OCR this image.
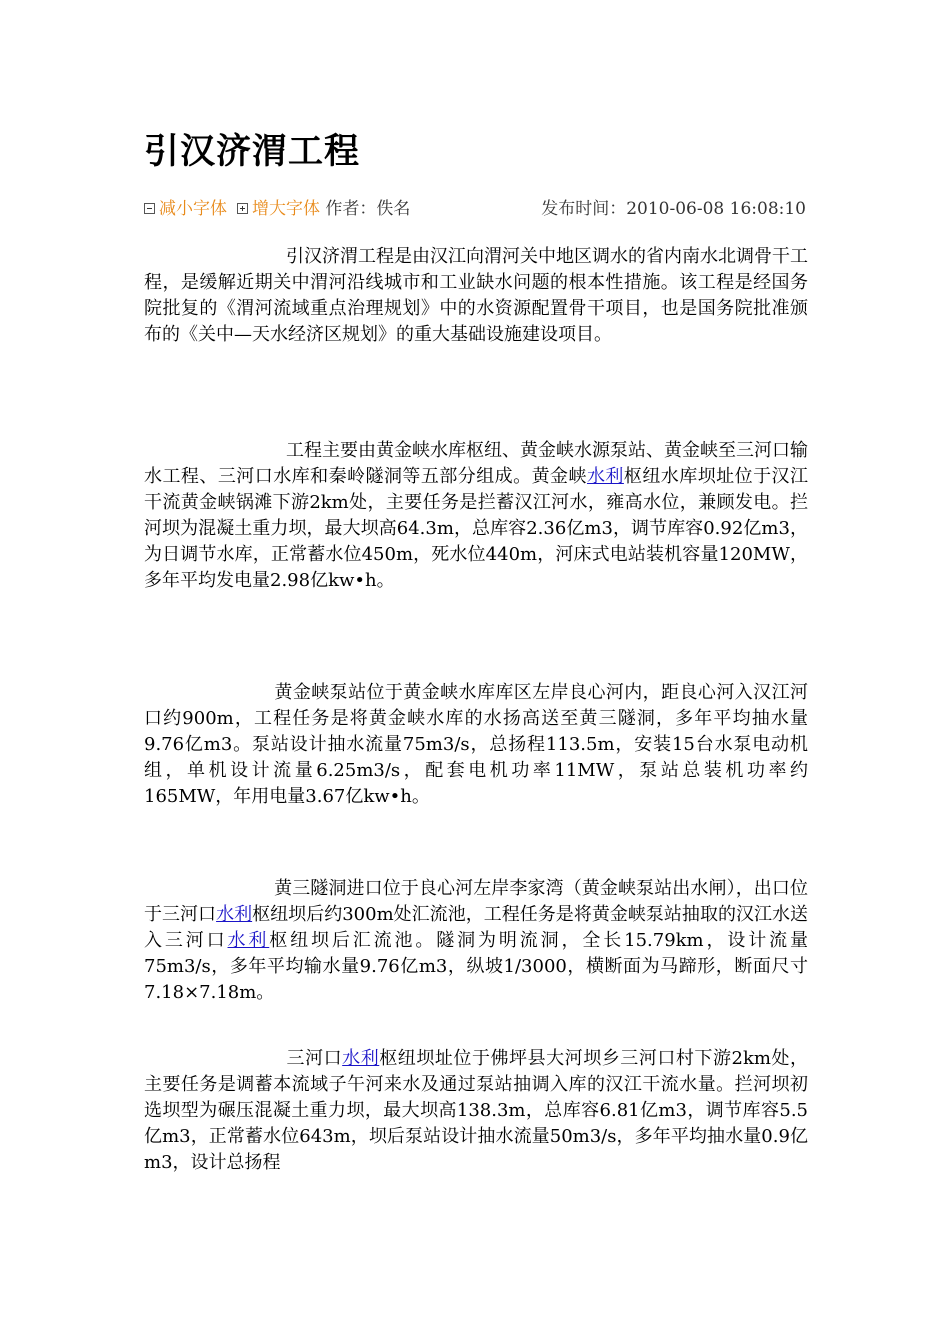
引汉济渭工程
减小字体 增大字体 作者：佚名	发布时间：2010-06-08 16:08:10

引汉济渭工程是由汉江向渭河关中地区调水的省内南水北调骨干工程，是缓解近期关中渭河沿线城市和工业缺水问题的根本性措施。该工程是经国务院批复的《渭河流域重点治理规划》中的水资源配置骨干项目，也是国务院批准颁布的《关中—天水经济区规划》的重大基础设施建设项目。

工程主要由黄金峡水库枢纽、黄金峡水源泵站、黄金峡至三河口输水工程、三河口水库和秦岭隧洞等五部分组成。黄金峡水利枢纽水库坝址位于汉江干流黄金峡锅滩下游2km处，主要任务是拦蓄汉江河水，雍高水位，兼顾发电。拦河坝为混凝土重力坝，最大坝高64.3m，总库容2.36亿m3，调节库容0.92亿m3，为日调节水库，正常蓄水位450m，死水位440m，河床式电站装机容量120MW，多年平均发电量2.98亿kw•h。

黄金峡泵站位于黄金峡水库库区左岸良心河内，距良心河入汉江河口约900m，工程任务是将黄金峡水库的水扬高送至黄三隧洞，多年平均抽水量9.76亿m3。泵站设计抽水流量75m3/s，总扬程113.5m，安装15台水泵电动机组，单机设计流量6.25m3/s，配套电机功率11MW，泵站总装机功率约165MW，年用电量3.67亿kw•h。

黄三隧洞进口位于良心河左岸李家湾（黄金峡泵站出水闸），出口位于三河口水利枢纽坝后约300m处汇流池，工程任务是将黄金峡泵站抽取的汉江水送入三河口水利枢纽坝后汇流池。隧洞为明流洞，全长15.79km，设计流量75m3/s，多年平均输水量9.76亿m3，纵坡1/3000，横断面为马蹄形，断面尺寸7.18×7.18m。

三河口水利枢纽坝址位于佛坪县大河坝乡三河口村下游2km处，主要任务是调蓄本流域子午河来水及通过泵站抽调入库的汉江干流水量。拦河坝初选坝型为碾压混凝土重力坝，最大坝高138.3m，总库容6.81亿m3，调节库容5.5亿m3，正常蓄水位643m，坝后泵站设计抽水流量50m3/s，多年平均抽水量0.9亿m3，设计总扬程
